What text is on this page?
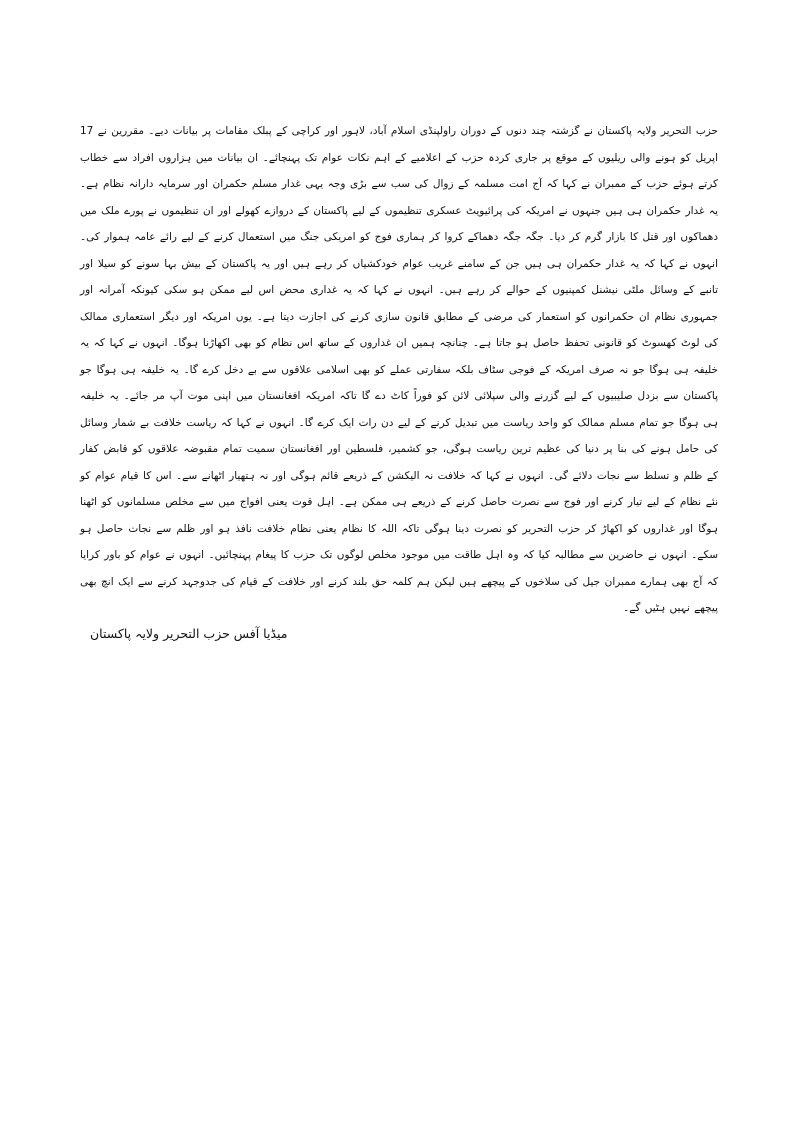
حزب التحریر ولایہ پاکستان نے گزشتہ چند دنوں کے دوران راولپنڈی اسلام آباد، لاہور اور کراچی کے پبلک مقامات پر بیانات دیے۔ مقررین نے 17 اپریل کو ہونے والی ریلیوں کے موقع پر جاری کردہ حزب کے اعلامیے کے اہم نکات عوام تک پہنچائے۔ ان بیانات میں ہزاروں افراد سے خطاب کرتے ہوئے حزب کے ممبران نے کہا کہ آج امت مسلمہ کے زوال کی سب سے بڑی وجہ یہی غدار مسلم حکمران اور سرمایہ دارانہ نظام ہے۔ یہ غدار حکمران ہی ہیں جنہوں نے امریکہ کی پرائیویٹ عسکری تنظیموں کے لیے پاکستان کے دروازے کھولے اور ان تنظیموں نے پورے ملک میں دھماکوں اور قتل کا بازار گرم کر دیا۔ جگہ جگہ دھماکے کروا کر ہماری فوج کو امریکی جنگ میں استعمال کرنے کے لیے رائے عامہ ہموار کی۔ انہوں نے کہا کہ یہ غدار حکمران ہی ہیں جن کے سامنے غریب عوام خودکشیاں کر رہے ہیں اور یہ پاکستان کے بیش بہا سونے کو سیلا اور تانبے کے وسائل ملٹی نیشنل کمپنیوں کے حوالے کر رہے ہیں۔ انہوں نے کہا کہ یہ غداری محض اس لیے ممکن ہو سکی کیونکہ آمرانہ اور جمہوری نظام ان حکمرانوں کو استعمار کی مرضی کے مطابق قانون سازی کرنے کی اجازت دیتا ہے۔ یوں امریکہ اور دیگر استعماری ممالک کی لوٹ کھسوٹ کو قانونی تحفظ حاصل ہو جاتا ہے۔ چنانچہ ہمیں ان غداروں کے ساتھ اس نظام کو بھی اکھاڑنا ہوگا۔ انہوں نے کہا کہ یہ خلیفہ ہی ہوگا جو نہ صرف امریکہ کے فوجی سٹاف بلکہ سفارتی عملے کو بھی اسلامی علاقوں سے بے دخل کرے گا۔ یہ خلیفہ ہی ہوگا جو پاکستان سے بزدل صلیبیوں کے لیے گزرنے والی سپلائی لائن کو فوراً کاٹ دے گا تاکہ امریکہ افغانستان میں اپنی موت آپ مر جائے۔ یہ خلیفہ ہی ہوگا جو تمام مسلم ممالک کو واحد ریاست میں تبدیل کرنے کے لیے دن رات ایک کرے گا۔ انہوں نے کہا کہ ریاست خلافت بے شمار وسائل کی حامل ہونے کی بنا پر دنیا کی عظیم ترین ریاست ہوگی، جو کشمیر، فلسطین اور افغانستان سمیت تمام مقبوضہ علاقوں کو قابض کفار کے ظلم و تسلط سے نجات دلائے گی۔ انہوں نے کہا کہ خلافت نہ الیکشن کے ذریعے قائم ہوگی اور نہ ہتھیار اٹھانے سے۔ اس کا قیام عوام کو نئے نظام کے لیے تیار کرنے اور فوج سے نصرت حاصل کرنے کے ذریعے ہی ممکن ہے۔ اہل قوت یعنی افواج میں سے مخلص مسلمانوں کو اٹھنا ہوگا اور غداروں کو اکھاڑ کر حزب التحریر کو نصرت دینا ہوگی تاکہ اللہ کا نظام یعنی نظام خلافت نافذ ہو اور ظلم سے نجات حاصل ہو سکے۔ انہوں نے حاضرین سے مطالبہ کیا کہ وہ اہل طاقت میں موجود مخلص لوگوں تک حزب کا پیغام پہنچائیں۔ انہوں نے عوام کو باور کرایا کہ آج بھی ہمارے ممبران جیل کی سلاخوں کے پیچھے ہیں لیکن ہم کلمہ حق بلند کرنے اور خلافت کے قیام کی جدوجہد کرنے سے ایک انچ بھی پیچھے نہیں ہٹیں گے۔

میڈیا آفس حزب التحریر ولایہ پاکستان
